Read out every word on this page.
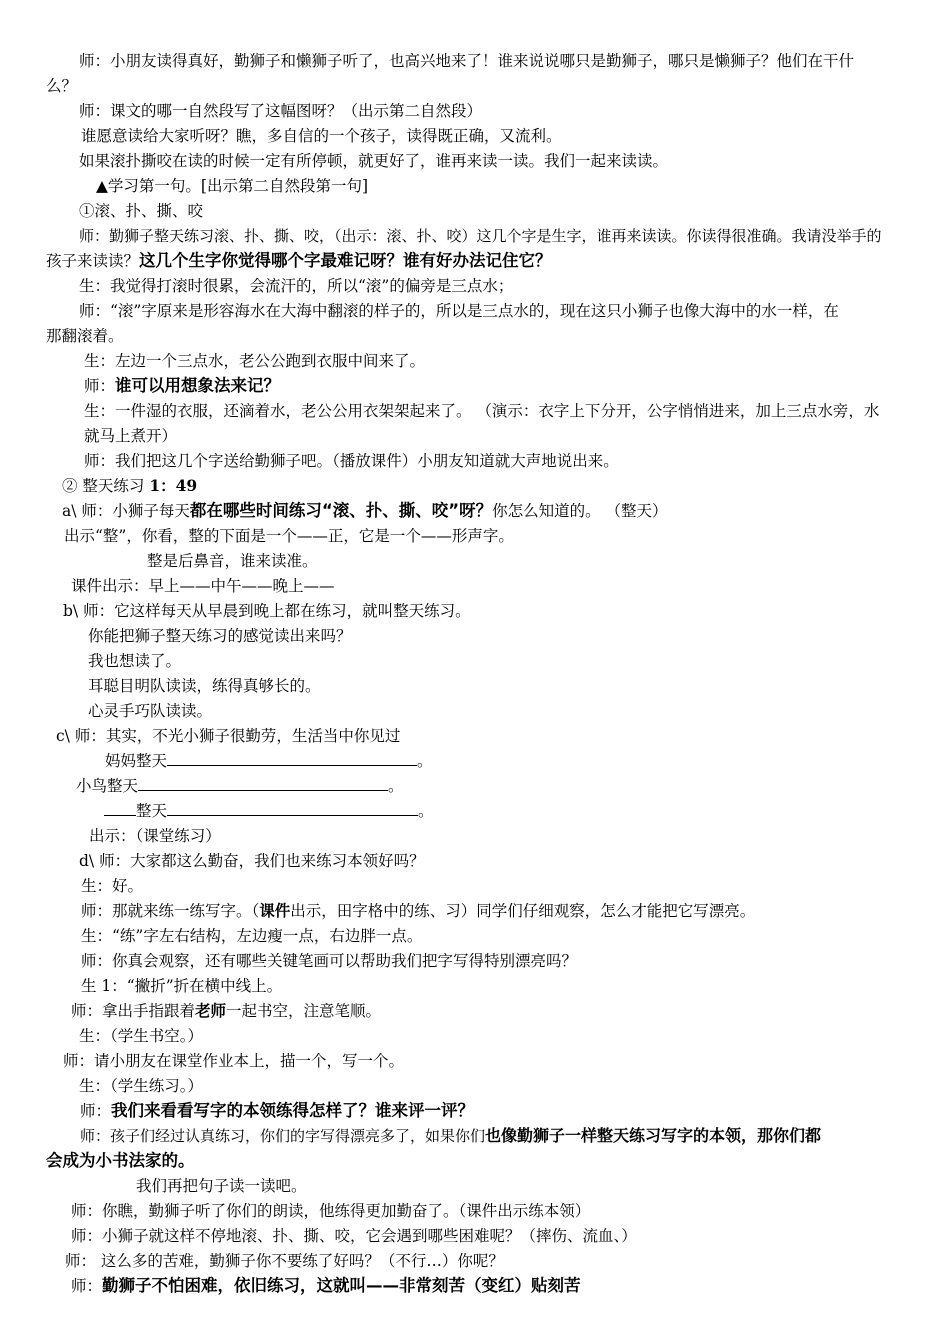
师：小朋友读得真好，勤狮子和懒狮子听了，也高兴地来了！谁来说说哪只是勤狮子，哪只是懒狮子？他们在干什
么？
师：课文的哪一自然段写了这幅图呀？（出示第二自然段）
谁愿意读给大家听呀？瞧，多自信的一个孩子，读得既正确，又流利。
如果滚扑撕咬在读的时候一定有所停顿，就更好了，谁再来读一读。我们一起来读读。
▲学习第一句。[出示第二自然段第一句]
①滚、扑、撕、咬
师：勤狮子整天练习滚、扑、撕、咬，（出示：滚、扑、咬）这几个字是生字，谁再来读读。你读得很准确。我请没举手的
孩子来读读？这几个生字你觉得哪个字最难记呀？谁有好办法记住它？
生：我觉得打滚时很累，会流汗的，所以“滚”的偏旁是三点水；
师：“滚”字原来是形容海水在大海中翻滚的样子的，所以是三点水的，现在这只小狮子也像大海中的水一样，在
那翻滚着。
生：左边一个三点水，老公公跑到衣服中间来了。
师：谁可以用想象法来记？
生：一件湿的衣服，还滴着水，老公公用衣架架起来了。 （演示：衣字上下分开，公字悄悄进来，加上三点水旁，水
就马上煮开）
师：我们把这几个字送给勤狮子吧。（播放课件）小朋友知道就大声地说出来。
② 整天练习 1：49
a\ 师：小狮子每天都在哪些时间练习“滚、扑、撕、咬”呀？你怎么知道的。 （整天）
出示“整”，你看，整的下面是一个——正，它是一个——形声字。
整是后鼻音，谁来读准。
课件出示：早上——中午——晚上——
b\ 师：它这样每天从早晨到晚上都在练习，就叫整天练习。
你能把狮子整天练习的感觉读出来吗？
我也想读了。
耳聪目明队读读，练得真够长的。
心灵手巧队读读。
c\ 师：其实，不光小狮子很勤劳，生活当中你见过
妈妈整天	。
小鸟整天	。
整天	。
出示：（课堂练习）
d\ 师：大家都这么勤奋，我们也来练习本领好吗？
生：好。
师：那就来练一练写字。（课件出示，田字格中的练、习）同学们仔细观察，怎么才能把它写漂亮。
生：“练”字左右结构，左边瘦一点，右边胖一点。
师：你真会观察，还有哪些关键笔画可以帮助我们把字写得特别漂亮吗？
生 1：“撇折”折在横中线上。
师：拿出手指跟着老师一起书空，注意笔顺。
生：（学生书空。）
师：请小朋友在课堂作业本上，描一个，写一个。
生：（学生练习。）
师：我们来看看写字的本领练得怎样了？谁来评一评？
师：孩子们经过认真练习，你们的字写得漂亮多了，如果你们也像勤狮子一样整天练习写字的本领，那你们都
会成为小书法家的。
我们再把句子读一读吧。
师：你瞧，勤狮子听了你们的朗读，他练得更加勤奋了。（课件出示练本领）
师：小狮子就这样不停地滚、扑、撕、咬，它会遇到哪些困难呢？（摔伤、流血、）
师： 这么多的苦难，勤狮子你不要练了好吗？（不行…）你呢？
师：勤狮子不怕困难，依旧练习，这就叫——非常刻苦（变红）贴刻苦
